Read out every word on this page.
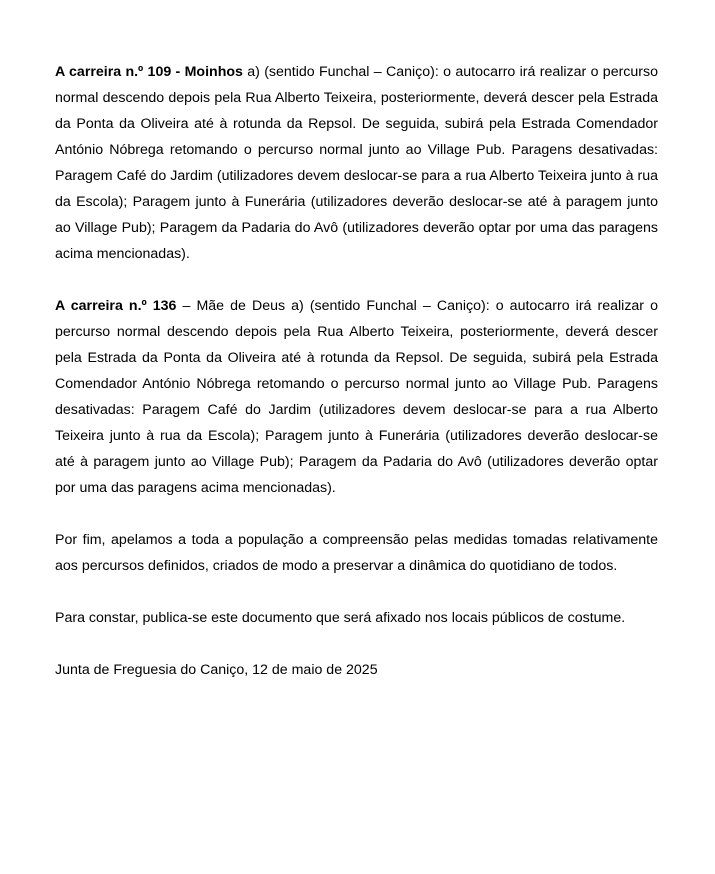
A carreira n.º 109 - Moinhos a) (sentido Funchal – Caniço): o autocarro irá realizar o percurso normal descendo depois pela Rua Alberto Teixeira, posteriormente, deverá descer pela Estrada da Ponta da Oliveira até à rotunda da Repsol. De seguida, subirá pela Estrada Comendador António Nóbrega retomando o percurso normal junto ao Village Pub. Paragens desativadas: Paragem Café do Jardim (utilizadores devem deslocar-se para a rua Alberto Teixeira junto à rua da Escola); Paragem junto à Funerária (utilizadores deverão deslocar-se até à paragem junto ao Village Pub); Paragem da Padaria do Avô (utilizadores deverão optar por uma das paragens acima mencionadas).

A carreira n.º 136 – Mãe de Deus a) (sentido Funchal – Caniço): o autocarro irá realizar o percurso normal descendo depois pela Rua Alberto Teixeira, posteriormente, deverá descer pela Estrada da Ponta da Oliveira até à rotunda da Repsol. De seguida, subirá pela Estrada Comendador António Nóbrega retomando o percurso normal junto ao Village Pub. Paragens desativadas: Paragem Café do Jardim (utilizadores devem deslocar-se para a rua Alberto Teixeira junto à rua da Escola); Paragem junto à Funerária (utilizadores deverão deslocar-se até à paragem junto ao Village Pub); Paragem da Padaria do Avô (utilizadores deverão optar por uma das paragens acima mencionadas).

Por fim, apelamos a toda a população a compreensão pelas medidas tomadas relativamente aos percursos definidos, criados de modo a preservar a dinâmica do quotidiano de todos.

Para constar, publica-se este documento que será afixado nos locais públicos de costume.

Junta de Freguesia do Caniço, 12 de maio de 2025
